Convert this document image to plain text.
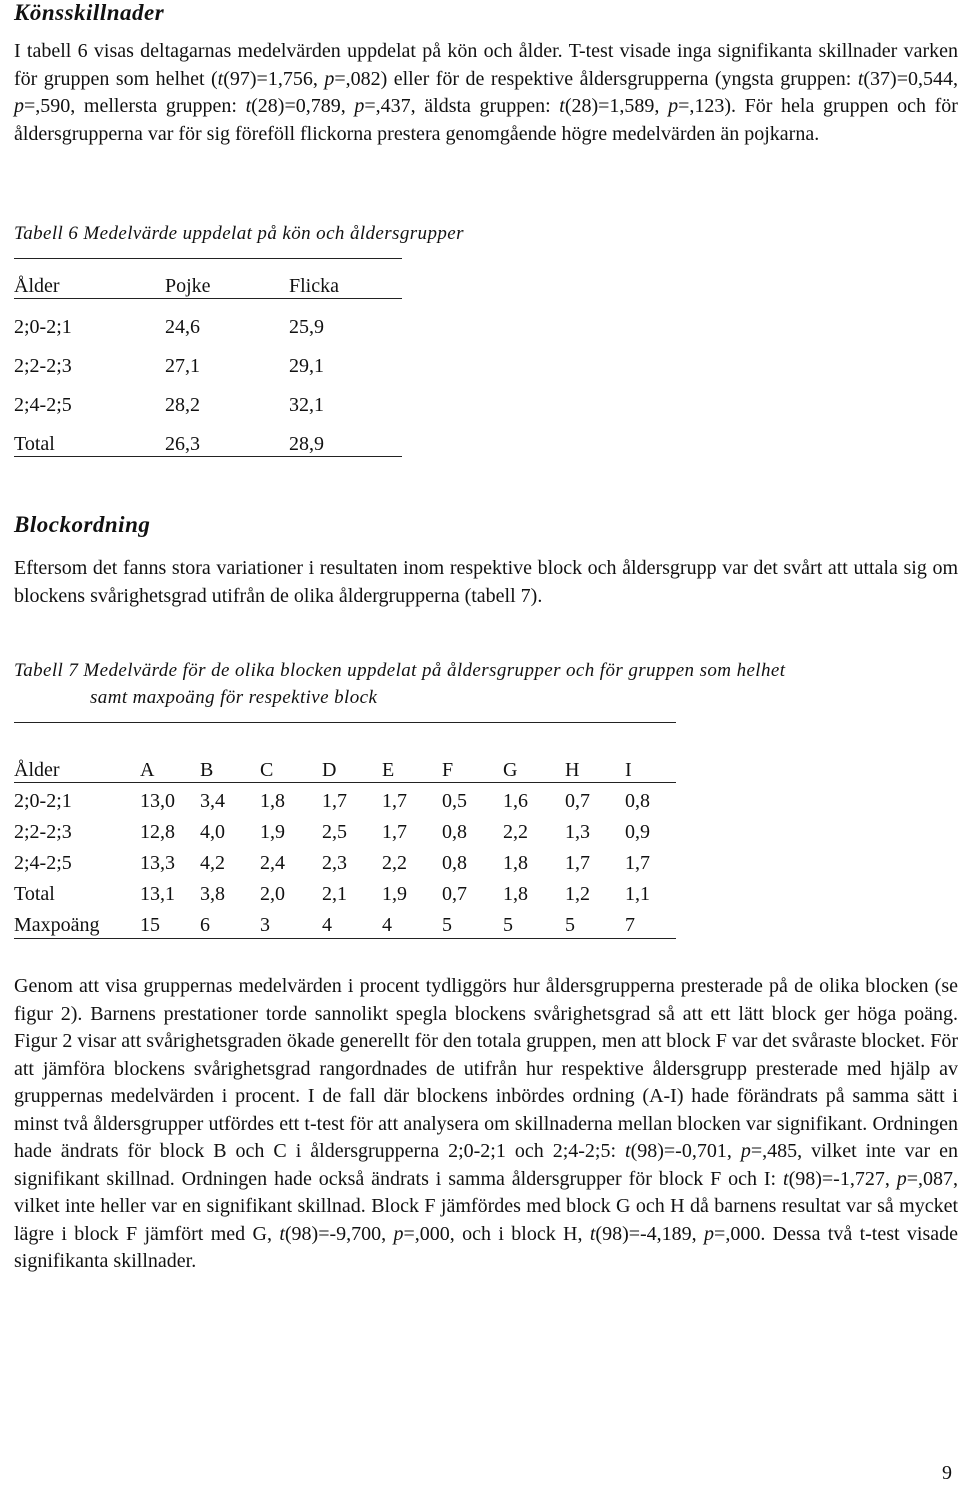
Könsskillnader

I tabell 6 visas deltagarnas medelvärden uppdelat på kön och ålder. T-test visade inga signifikanta skillnader varken för gruppen som helhet (t(97)=1,756, p=,082) eller för de respektive åldersgrupperna (yngsta gruppen: t(37)=0,544, p=,590, mellersta gruppen: t(28)=0,789, p=,437, äldsta gruppen: t(28)=1,589, p=,123). För hela gruppen och för åldersgrupperna var för sig föreföll flickorna prestera genomgående högre medelvärden än pojkarna.

Tabell 6 Medelvärde uppdelat på kön och åldersgrupper

Ålder	Pojke	Flicka
2;0-2;1	24,6	25,9
2;2-2;3	27,1	29,1
2;4-2;5	28,2	32,1
Total	26,3	28,9
Blockordning

Eftersom det fanns stora variationer i resultaten inom respektive block och åldersgrupp var det svårt att uttala sig om blockens svårighetsgrad utifrån de olika åldergrupperna (tabell 7).

Tabell 7 Medelvärde för de olika blocken uppdelat på åldersgrupper och för gruppen som helhet
samt maxpoäng för respektive block

Ålder	A B C D E F G H I
2;0-2;1	13,0 3,4 1,8 1,7 1,7 0,5 1,6 0,7 0,8
2;2-2;3	12,8 4,0 1,9 2,5 1,7 0,8 2,2 1,3 0,9
2;4-2;5	13,3 4,2 2,4 2,3 2,2 0,8 1,8 1,7 1,7
Total	13,1 3,8 2,0 2,1 1,9 0,7 1,8 1,2 1,1
Maxpoäng 15 6	3	4	4	5	5	5	7

Genom att visa gruppernas medelvärden i procent tydliggörs hur åldersgrupperna presterade på de olika blocken (se figur 2). Barnens prestationer torde sannolikt spegla blockens svårighetsgrad så att ett lätt block ger höga poäng. Figur 2 visar att svårighetsgraden ökade generellt för den totala gruppen, men att block F var det svåraste blocket. För att jämföra blockens svårighetsgrad rangordnades de utifrån hur respektive åldersgrupp presterade med hjälp av gruppernas medelvärden i procent. I de fall där blockens inbördes ordning (A-I) hade förändrats på samma sätt i minst två åldersgrupper utfördes ett t-test för att analysera om skillnaderna mellan blocken var signifikant. Ordningen hade ändrats för block B och C i åldersgrupperna 2;0-2;1 och 2;4-2;5: t(98)=-0,701, p=,485, vilket inte var en signifikant skillnad. Ordningen hade också ändrats i samma åldersgrupper för block F och I: t(98)=-1,727, p=,087, vilket inte heller var en signifikant skillnad. Block F jämfördes med block G och H då barnens resultat var så mycket lägre i block F jämfört med G, t(98)=-9,700, p=,000, och i block H, t(98)=-4,189, p=,000. Dessa två t-test visade signifikanta skillnader.

9
